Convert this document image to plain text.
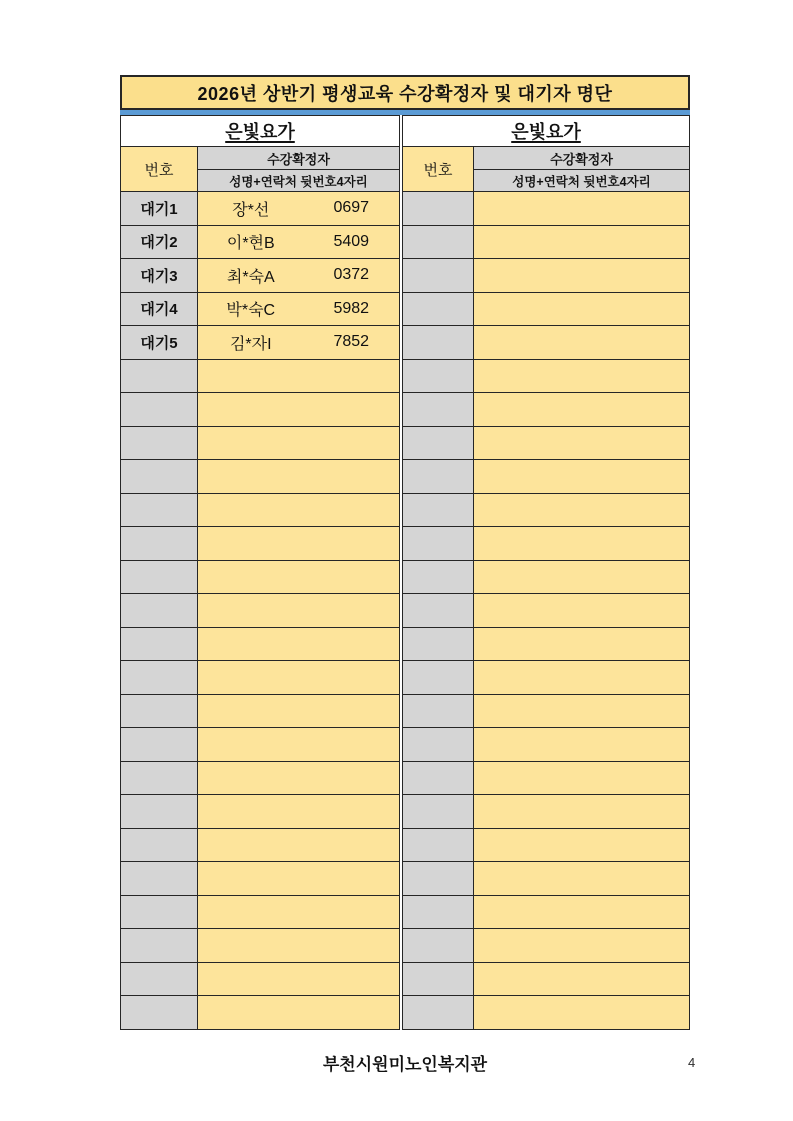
2026년 상반기 평생교육 수강확정자 및 대기자 명단
은빛요가	
번호	수강확정자
	성명+연락처 뒷번호4자리
대기1	장*선 0697

대기2	이*현B 5409

대기3	최*숙A 0372

대기4	박*숙C 5982

대기5	김*자I 7852

은빛요가	
번호	수강확정자
	성명+연락처 뒷번호4자리

부천시원미노인복지관	4
